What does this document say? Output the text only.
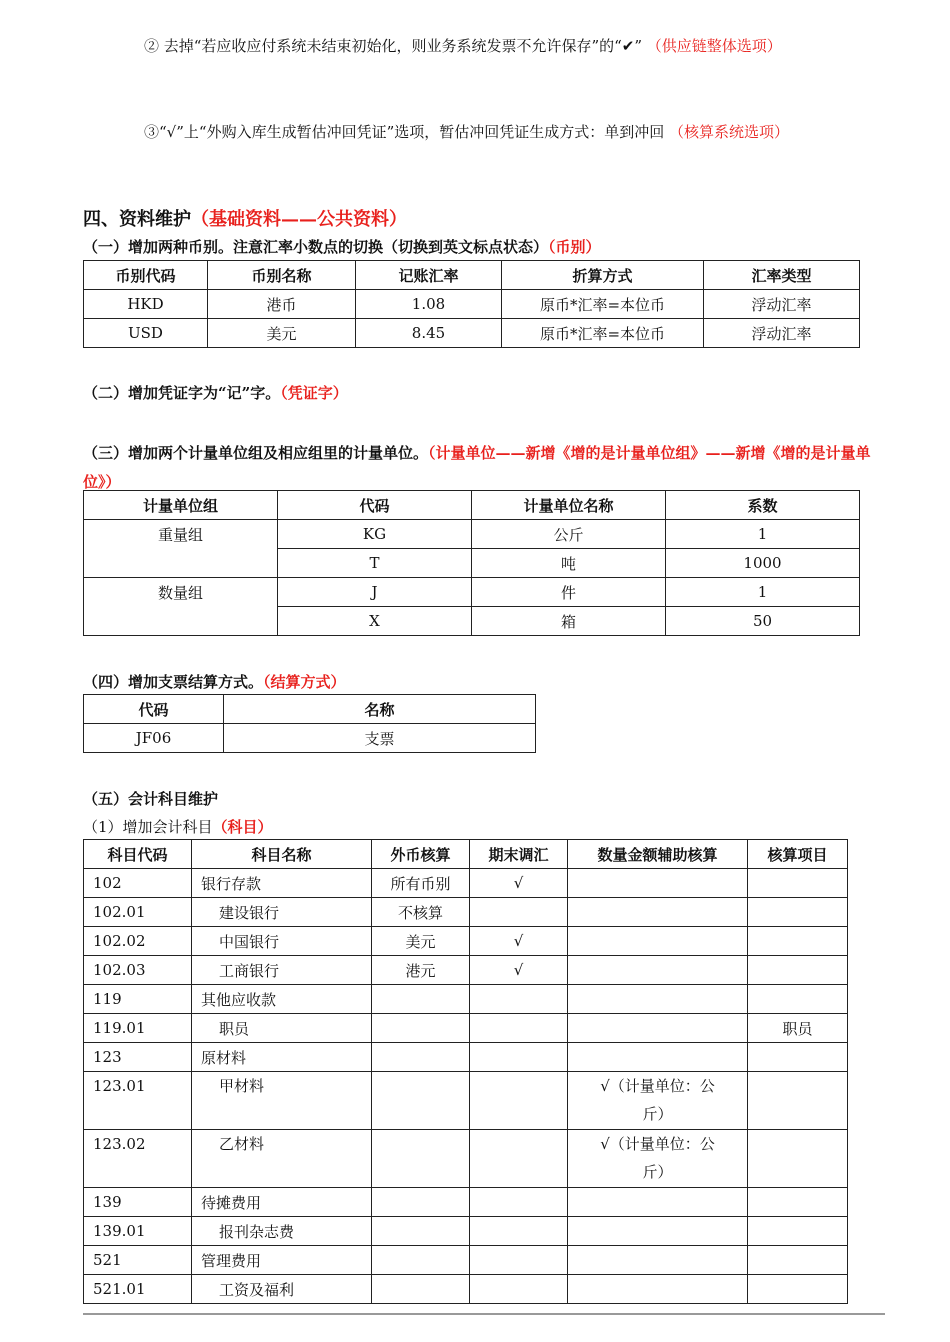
② 去掉“若应收应付系统未结束初始化，则业务系统发票不允许保存”的“✔” （供应链整体选项）
③“√”上“外购入库生成暂估冲回凭证”选项，暂估冲回凭证生成方式：单到冲回 （核算系统选项）
四、资料维护（基础资料——公共资料）
（一）增加两种币别。注意汇率小数点的切换（切换到英文标点状态）（币别）
币别代码	币别名称	记账汇率	折算方式	汇率类型
HKD	港币	1.08	原币*汇率=本位币	浮动汇率
USD	美元	8.45	原币*汇率=本位币	浮动汇率
（二）增加凭证字为“记”字。（凭证字）
（三）增加两个计量单位组及相应组里的计量单位。（计量单位——新增《增的是计量单位组》——新增《增的是计量单位》）
计量单位组	代码	计量单位名称	系数
重量组	KG	公斤	1
	T	吨	1000
数量组	J	件	1
	X	箱	50
（四）增加支票结算方式。（结算方式）
代码	名称
JF06	支票
（五）会计科目维护
（1）增加会计科目（科目）
科目代码	科目名称	外币核算	期末调汇	数量金额辅助核算	核算项目
102	银行存款	所有币别	√		
102.01	建设银行	不核算			
102.02	中国银行	美元	√		
102.03	工商银行	港元	√		
119	其他应收款				
119.01	职员				职员
123	原材料				
123.01	甲材料			√（计量单位：公斤）	
123.02	乙材料			√（计量单位：公斤）	
139	待摊费用				
139.01	报刊杂志费				
521	管理费用				
521.01	工资及福利				
